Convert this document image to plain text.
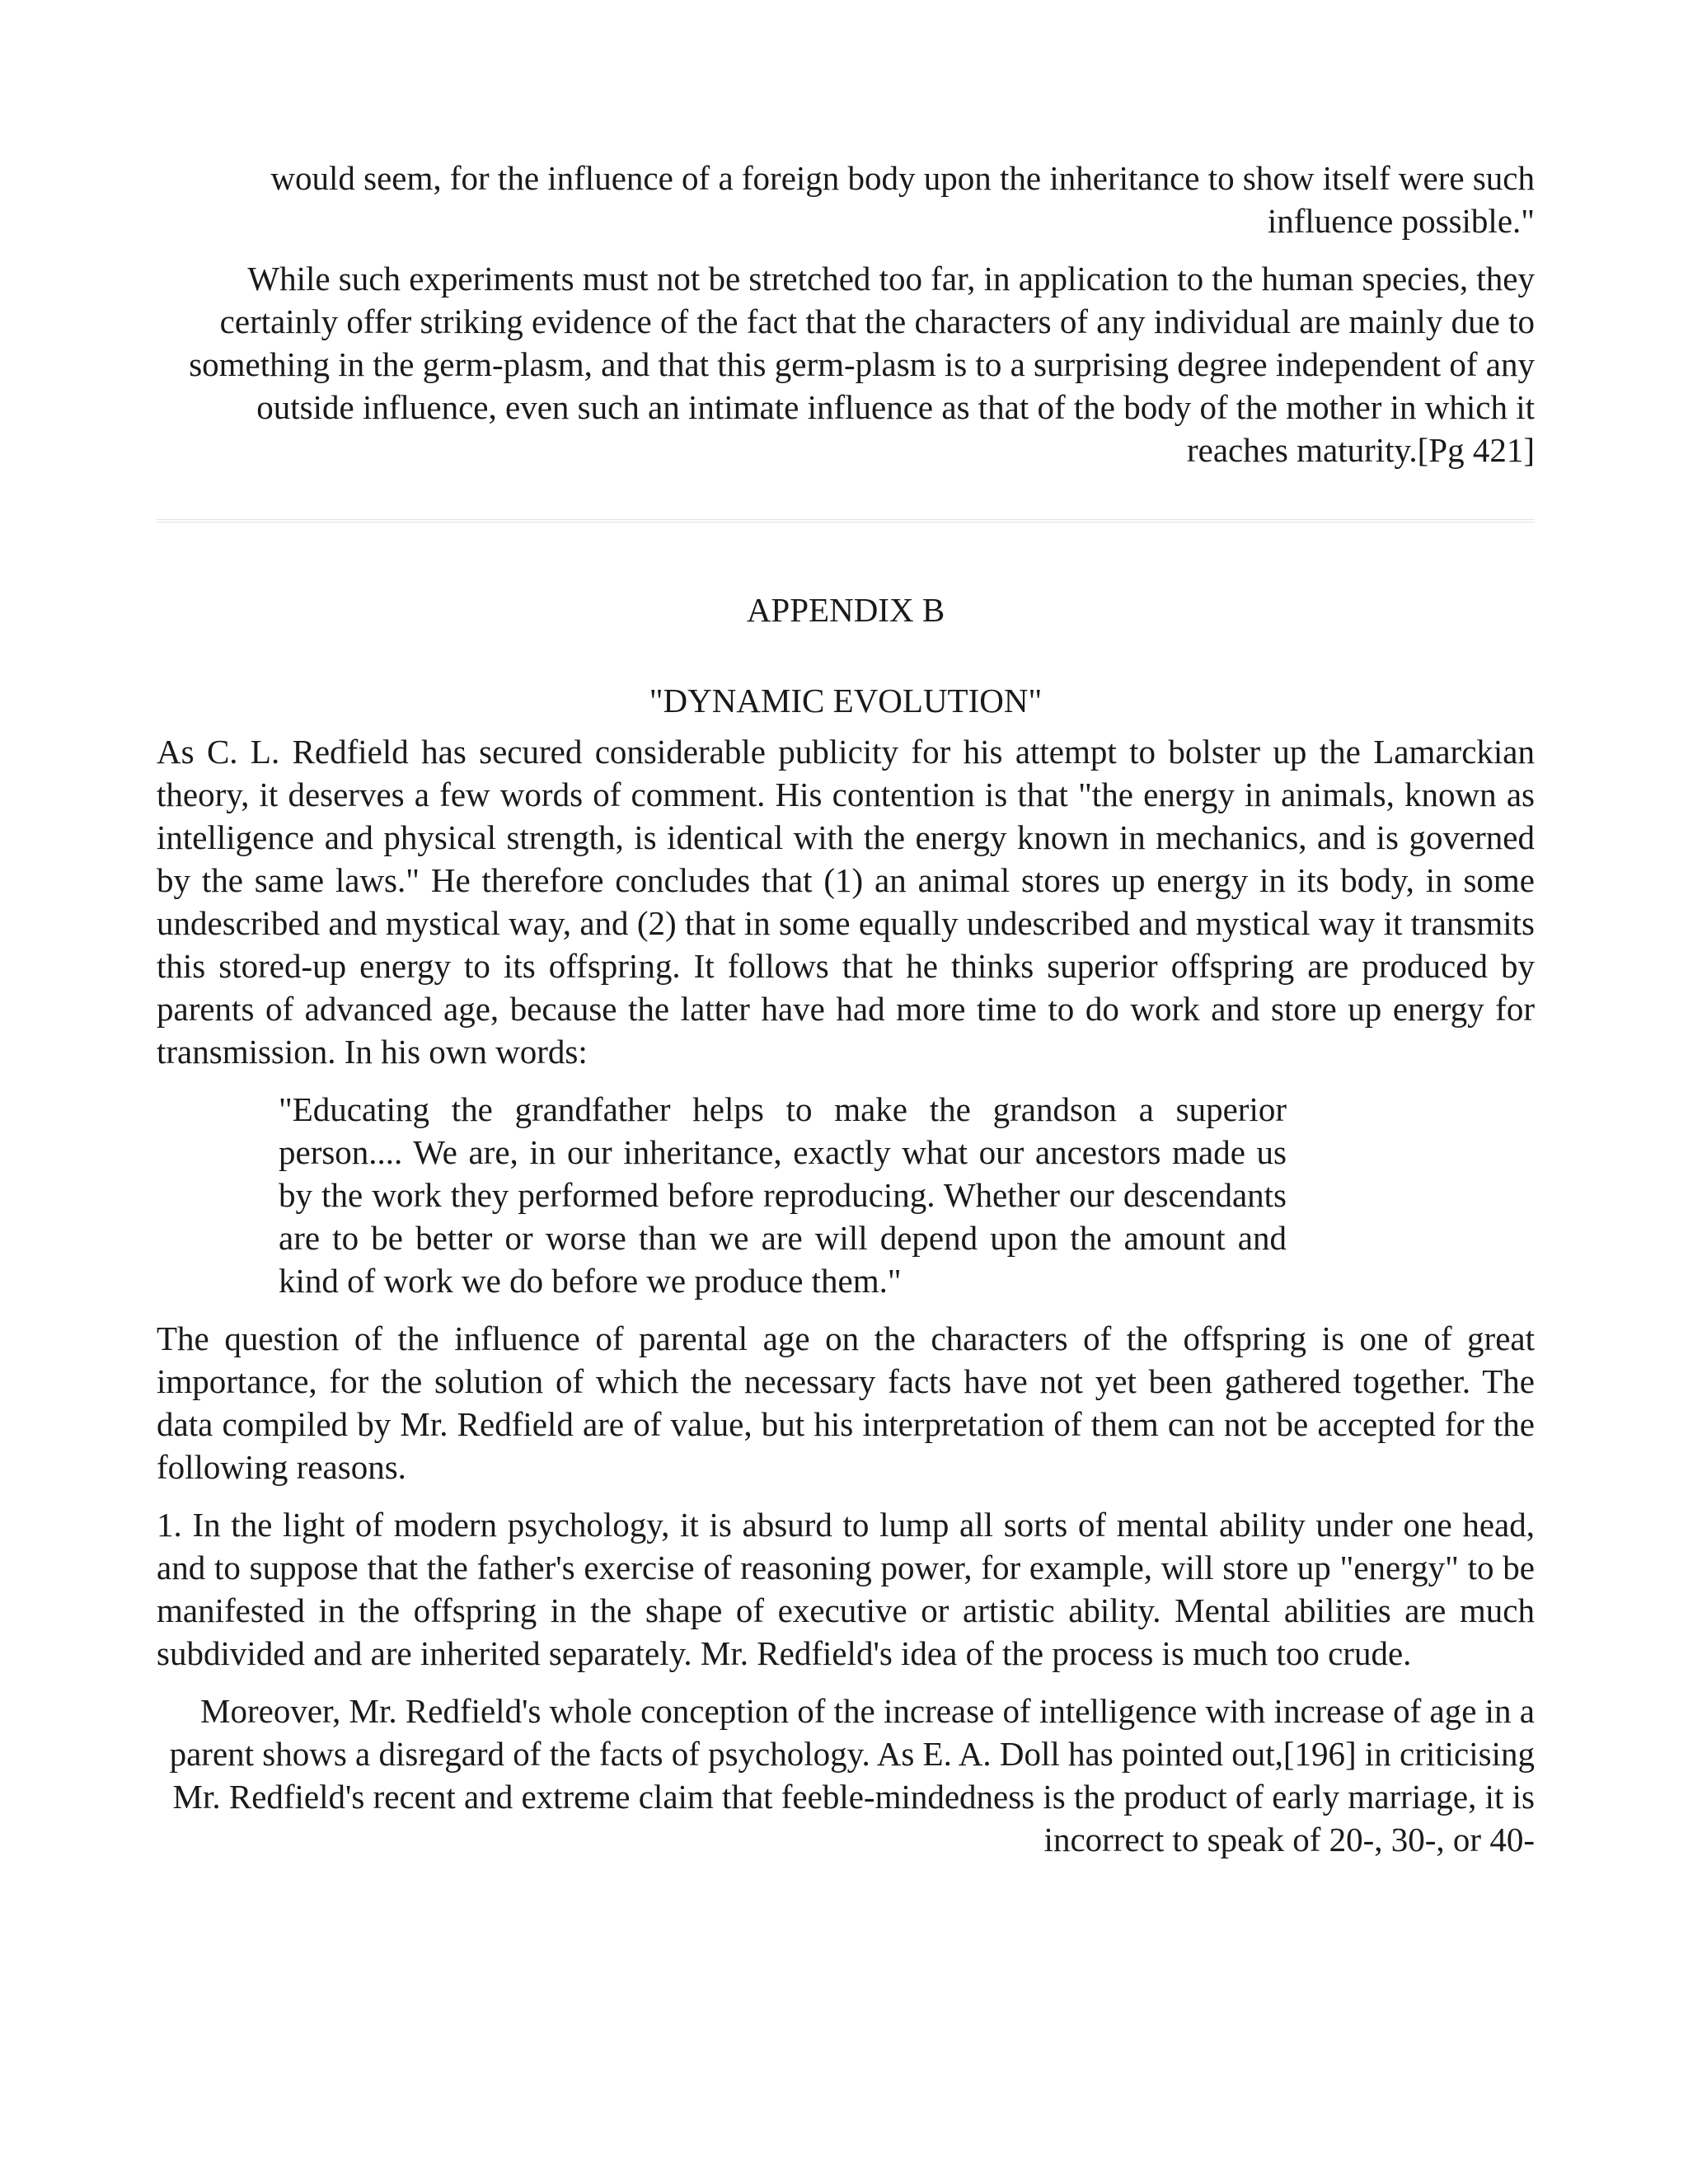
would seem, for the influence of a foreign body upon the inheritance to show itself were such influence possible."

While such experiments must not be stretched too far, in application to the human species, they certainly offer striking evidence of the fact that the characters of any individual are mainly due to something in the germ-plasm, and that this germ-plasm is to a surprising degree independent of any outside influence, even such an intimate influence as that of the body of the mother in which it reaches maturity.[Pg 421]

APPENDIX B

"DYNAMIC EVOLUTION"

As C. L. Redfield has secured considerable publicity for his attempt to bolster up the Lamarckian theory, it deserves a few words of comment. His contention is that "the energy in animals, known as intelligence and physical strength, is identical with the energy known in mechanics, and is governed by the same laws." He therefore concludes that (1) an animal stores up energy in its body, in some undescribed and mystical way, and (2) that in some equally undescribed and mystical way it transmits this stored-up energy to its offspring. It follows that he thinks superior offspring are produced by parents of advanced age, because the latter have had more time to do work and store up energy for transmission. In his own words:

"Educating the grandfather helps to make the grandson a superior person.... We are, in our inheritance, exactly what our ancestors made us by the work they performed before reproducing. Whether our descendants are to be better or worse than we are will depend upon the amount and kind of work we do before we produce them."

The question of the influence of parental age on the characters of the offspring is one of great importance, for the solution of which the necessary facts have not yet been gathered together. The data compiled by Mr. Redfield are of value, but his interpretation of them can not be accepted for the following reasons.

1. In the light of modern psychology, it is absurd to lump all sorts of mental ability under one head, and to suppose that the father's exercise of reasoning power, for example, will store up "energy" to be manifested in the offspring in the shape of executive or artistic ability. Mental abilities are much subdivided and are inherited separately. Mr. Redfield's idea of the process is much too crude.

Moreover, Mr. Redfield's whole conception of the increase of intelligence with increase of age in a parent shows a disregard of the facts of psychology. As E. A. Doll has pointed out,[196] in criticising Mr. Redfield's recent and extreme claim that feeble-mindedness is the product of early marriage, it is incorrect to speak of 20-, 30-, or 40-
